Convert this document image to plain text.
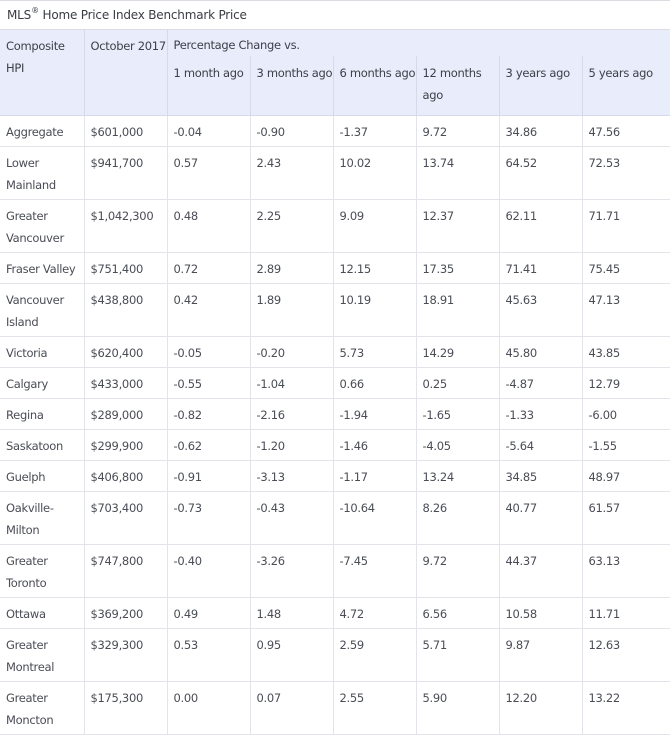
MLS® Home Price Index Benchmark Price
Composite HPI	October 2017	Percentage Change vs.					
		1 month ago	3 months ago	6 months ago	12 months ago	3 years ago	5 years ago
Aggregate	$601,000	-0.04	-0.90	-1.37	9.72	34.86	47.56
Lower Mainland	$941,700	0.57	2.43	10.02	13.74	64.52	72.53
Greater Vancouver	$1,042,300	0.48	2.25	9.09	12.37	62.11	71.71
Fraser Valley	$751,400	0.72	2.89	12.15	17.35	71.41	75.45
Vancouver Island	$438,800	0.42	1.89	10.19	18.91	45.63	47.13
Victoria	$620,400	-0.05	-0.20	5.73	14.29	45.80	43.85
Calgary	$433,000	-0.55	-1.04	0.66	0.25	-4.87	12.79
Regina	$289,000	-0.82	-2.16	-1.94	-1.65	-1.33	-6.00
Saskatoon	$299,900	-0.62	-1.20	-1.46	-4.05	-5.64	-1.55
Guelph	$406,800	-0.91	-3.13	-1.17	13.24	34.85	48.97
Oakville-Milton	$703,400	-0.73	-0.43	-10.64	8.26	40.77	61.57
Greater Toronto	$747,800	-0.40	-3.26	-7.45	9.72	44.37	63.13
Ottawa	$369,200	0.49	1.48	4.72	6.56	10.58	11.71
Greater Montreal	$329,300	0.53	0.95	2.59	5.71	9.87	12.63
Greater Moncton	$175,300	0.00	0.07	2.55	5.90	12.20	13.22
